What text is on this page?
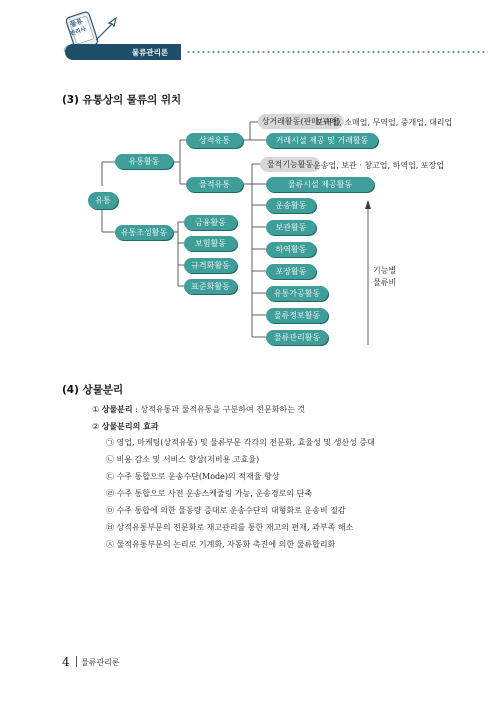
물류
관리사
물류관리론
(3) 유통상의 물류의 위치
유통
유통활동
유통조성활동
상적유통
물적유통
상거래활동(판매/구매)
도매업, 소매업, 무역업, 중개업, 대리업
거래시설 제공 및 거래활동
물적기능활동 운송업, 보관 · 창고업, 하역업, 포장업
물류시설 제공활동
운송활동
보관활동
하역활동
포장활동
유통가공활동
물류정보활동
물류관리활동
금융활동
보험활동
규격화활동
표준화활동
기능별
물류비
(4) 상물분리
① 상물분리 : 상적유통과 물적유통을 구분하여 전문화하는 것
② 상물분리의 효과
㉠ 영업, 마케팅(상적유통) 및 물류부문 각각의 전문화, 효율성 및 생산성 증대
㉡ 비용 감소 및 서비스 향상(저비용 고효율)
㉢ 수주 통합으로 운송수단(Mode)의 적재율 향상
㉣ 수주 통합으로 사전 운송스케줄링 가능, 운송경로의 단축
㉤ 수주 통합에 의한 물동량 증대로 운송수단의 대형화로 운송비 절감
㉥ 상적유통부문의 전문화로 재고관리를 통한 재고의 편재, 과부족 해소
㉦ 물적유통부문의 논리로 기계화, 자동화 촉진에 의한 물류합리화
4 물류관리론
